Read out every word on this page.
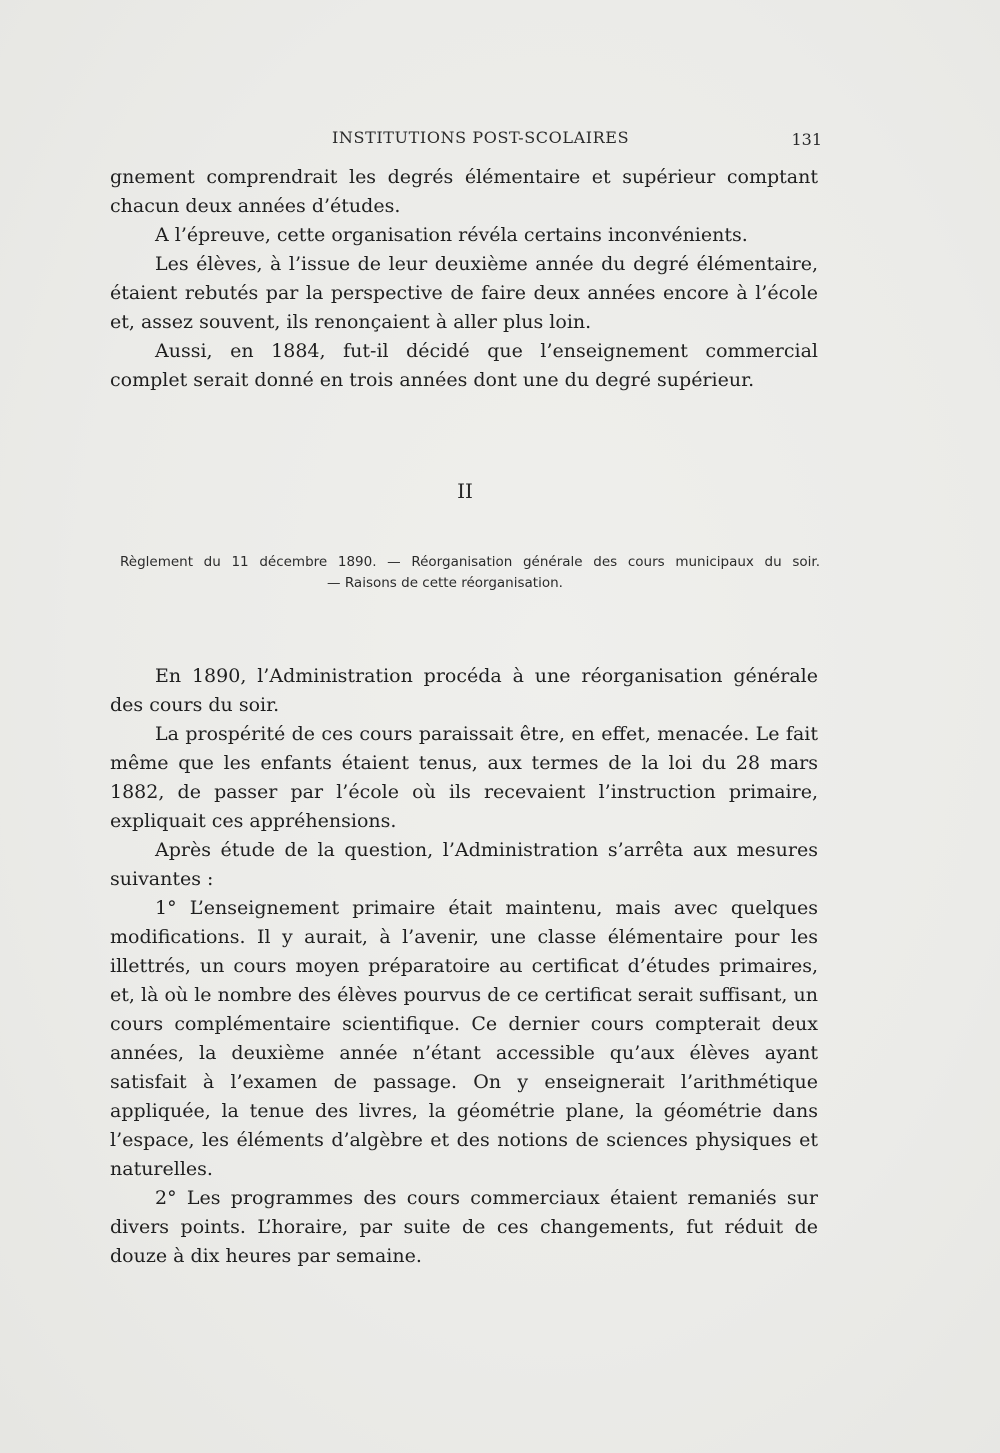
INSTITUTIONS POST-SCOLAIRES	131

gnement comprendrait les degrés élémentaire et supérieur comptant chacun deux années d’études.

A l’épreuve, cette organisation révéla certains inconvénients.

Les élèves, à l’issue de leur deuxième année du degré élémentaire, étaient rebutés par la perspective de faire deux années encore à l’école et, assez souvent, ils renonçaient à aller plus loin.

Aussi, en 1884, fut-il décidé que l’enseignement commercial complet serait donné en trois années dont une du degré supérieur.

II
Règlement du 11 décembre 1890. — Réorganisation générale des cours municipaux du soir.
— Raisons de cette réorganisation.

En 1890, l’Administration procéda à une réorganisation générale des cours du soir.

La prospérité de ces cours paraissait être, en effet, menacée. Le fait même que les enfants étaient tenus, aux termes de la loi du 28 mars 1882, de passer par l’école où ils recevaient l’instruction primaire, expliquait ces appréhensions.

Après étude de la question, l’Administration s’arrêta aux mesures suivantes :

1° L’enseignement primaire était maintenu, mais avec quelques modifications. Il y aurait, à l’avenir, une classe élémentaire pour les illettrés, un cours moyen préparatoire au certificat d’études primaires, et, là où le nombre des élèves pourvus de ce certificat serait suffisant, un cours complémentaire scientifique. Ce dernier cours compterait deux années, la deuxième année n’étant accessible qu’aux élèves ayant satisfait à l’examen de passage. On y enseignerait l’arithmétique appliquée, la tenue des livres, la géométrie plane, la géométrie dans l’espace, les éléments d’algèbre et des notions de sciences physiques et naturelles.

2° Les programmes des cours commerciaux étaient remaniés sur divers points. L’horaire, par suite de ces changements, fut réduit de douze à dix heures par semaine.
